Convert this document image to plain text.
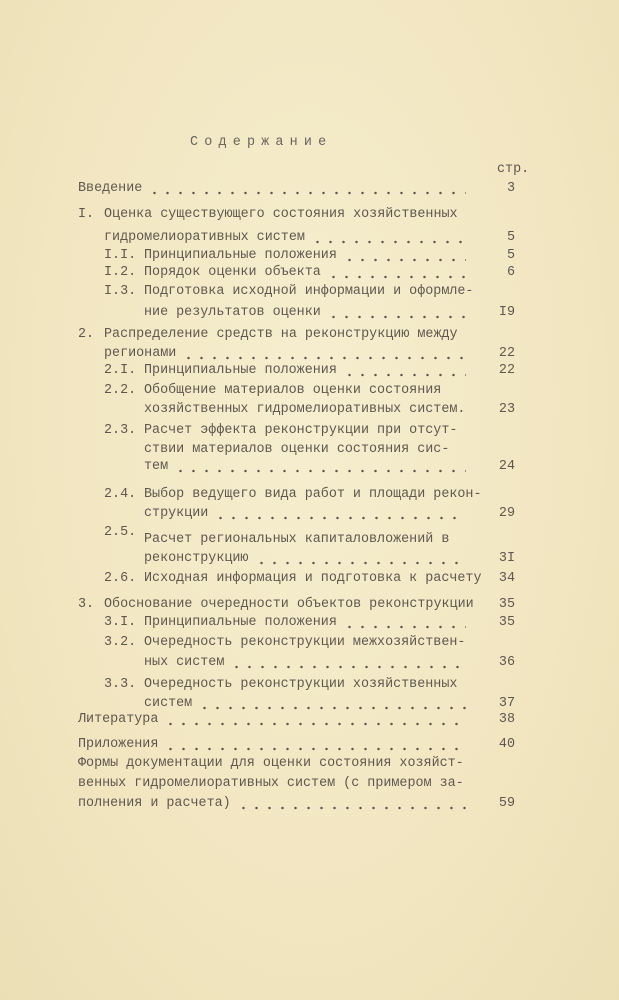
Содержание
стр.
Введение	3
I. Оценка существующего состояния хозяйственных
гидромелиоративных систем	5
I.I. Принципиальные положения	5
I.2. Порядок оценки объекта	6
I.3. Подготовка исходной информации и оформле-
ние результатов оценки	I9
2. Распределение средств на реконструкцию между
регионами	22
2.I. Принципиальные положения	22
2.2. Обобщение материалов оценки состояния
хозяйственных гидромелиоративных систем.	23
2.3. Расчет эффекта реконструкции при отсут-
ствии материалов оценки состояния сис-
тем	24
2.4. Выбор ведущего вида работ и площади рекон-
струкции	29
2.5. Расчет региональных капиталовложений в
реконструкцию	3I
2.6. Исходная информация и подготовка к расчету	34
3. Обоснование очередности объектов реконструкции	35
3.I. Принципиальные положения	35
3.2. Очередность реконструкции межхозяйствен-
ных систем	36
3.3. Очередность реконструкции хозяйственных
систем	37
Литература	38
Приложения	40
Формы документации для оценки состояния хозяйст-
венных гидромелиоративных систем (с примером за-
полнения и расчета)	59
